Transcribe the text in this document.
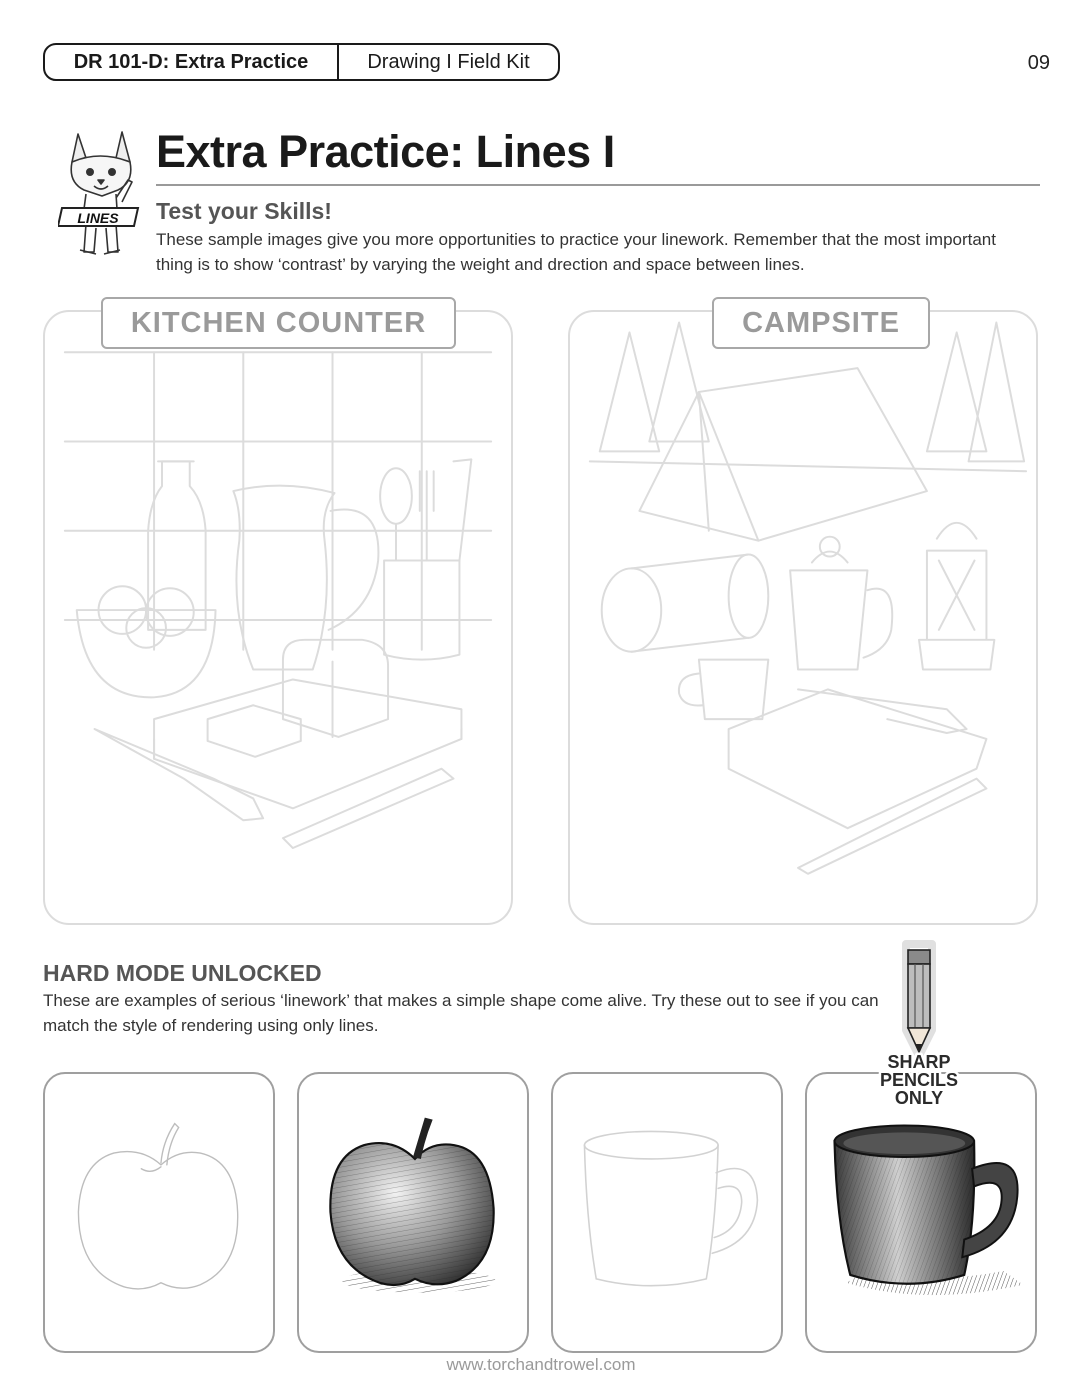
DR 101-D: Extra Practice	Drawing I Field Kit	09
LINES
Extra Practice: Lines I
Test your Skills!
These sample images give you more opportunities to practice your linework. Remember that the most important thing is to show ‘contrast’ by varying the weight and drection and space between lines.
KITCHEN COUNTER	CAMPSITE
HARD MODE UNLOCKED
These are examples of serious ‘linework’ that makes a simple shape come alive. Try these out to see if you can match the style of rendering using only lines.
SHARP
PENCILS
ONLY
www.torchandtrowel.com
